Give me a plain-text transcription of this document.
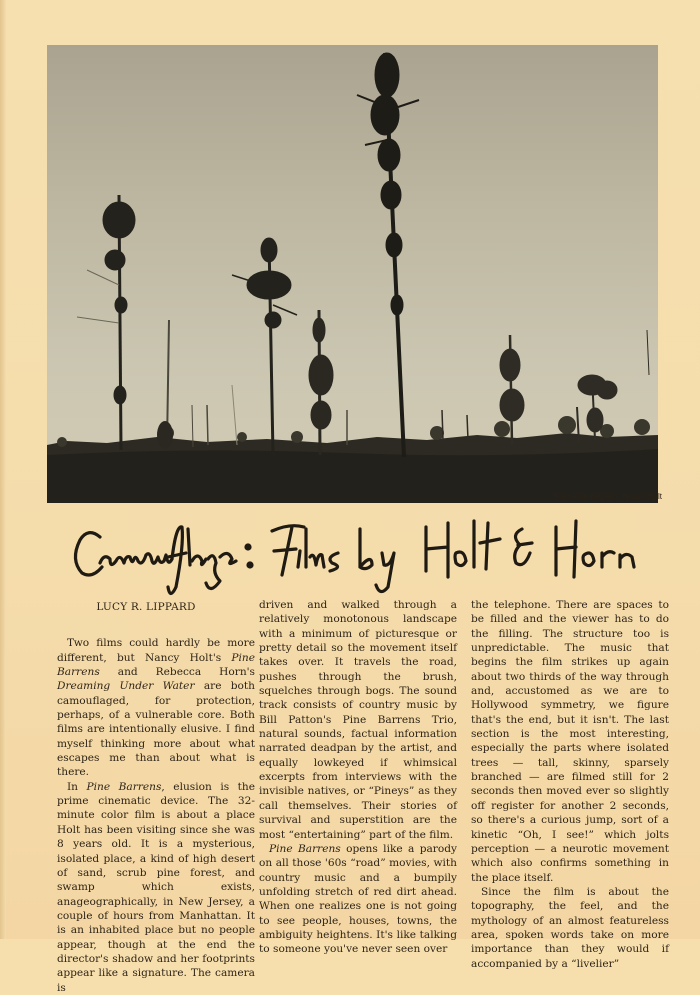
from Pine Barrens, Nancy Holt
LUCY R. LIPPARD

Two films could hardly be more different, but Nancy Holt's Pine Barrens and Rebecca Horn's Dreaming Under Water are both camouflaged, for protection, perhaps, of a vulnerable core. Both films are intentionally elusive. I find myself thinking more about what escapes me than about what is there.

In Pine Barrens, elusion is the prime cinematic device. The 32-minute color film is about a place Holt has been visiting since she was 8 years old. It is a mysterious, isolated place, a kind of high desert of sand, scrub pine forest, and swamp which exists, anageographically, in New Jersey, a couple of hours from Manhattan. It is an inhabited place but no people appear, though at the end the director's shadow and her footprints appear like a signature. The camera is

driven and walked through a relatively monotonous landscape with a minimum of picturesque or pretty detail so the movement itself takes over. It travels the road, pushes through the brush, squelches through bogs. The sound track consists of country music by Bill Patton's Pine Barrens Trio, natural sounds, factual information narrated deadpan by the artist, and equally lowkeyed if whimsical excerpts from interviews with the invisible natives, or “Pineys” as they call themselves. Their stories of survival and superstition are the most “entertaining” part of the film.

Pine Barrens opens like a parody on all those '60s “road” movies, with country music and a bumpily unfolding stretch of red dirt ahead. When one realizes one is not going to see people, houses, towns, the ambiguity heightens. It's like talking to someone you've never seen over

the telephone. There are spaces to be filled and the viewer has to do the filling. The structure too is unpredictable. The music that begins the film strikes up again about two thirds of the way through and, accustomed as we are to Hollywood symmetry, we figure that's the end, but it isn't. The last section is the most interesting, especially the parts where isolated trees — tall, skinny, sparsely branched — are filmed still for 2 seconds then moved ever so slightly off register for another 2 seconds, so there's a curious jump, sort of a kinetic “Oh, I see!” which jolts perception — a neurotic movement which also confirms something in the place itself.

Since the film is about the topography, the feel, and the mythology of an almost featureless area, spoken words take on more importance than they would if accompanied by a “livelier”
